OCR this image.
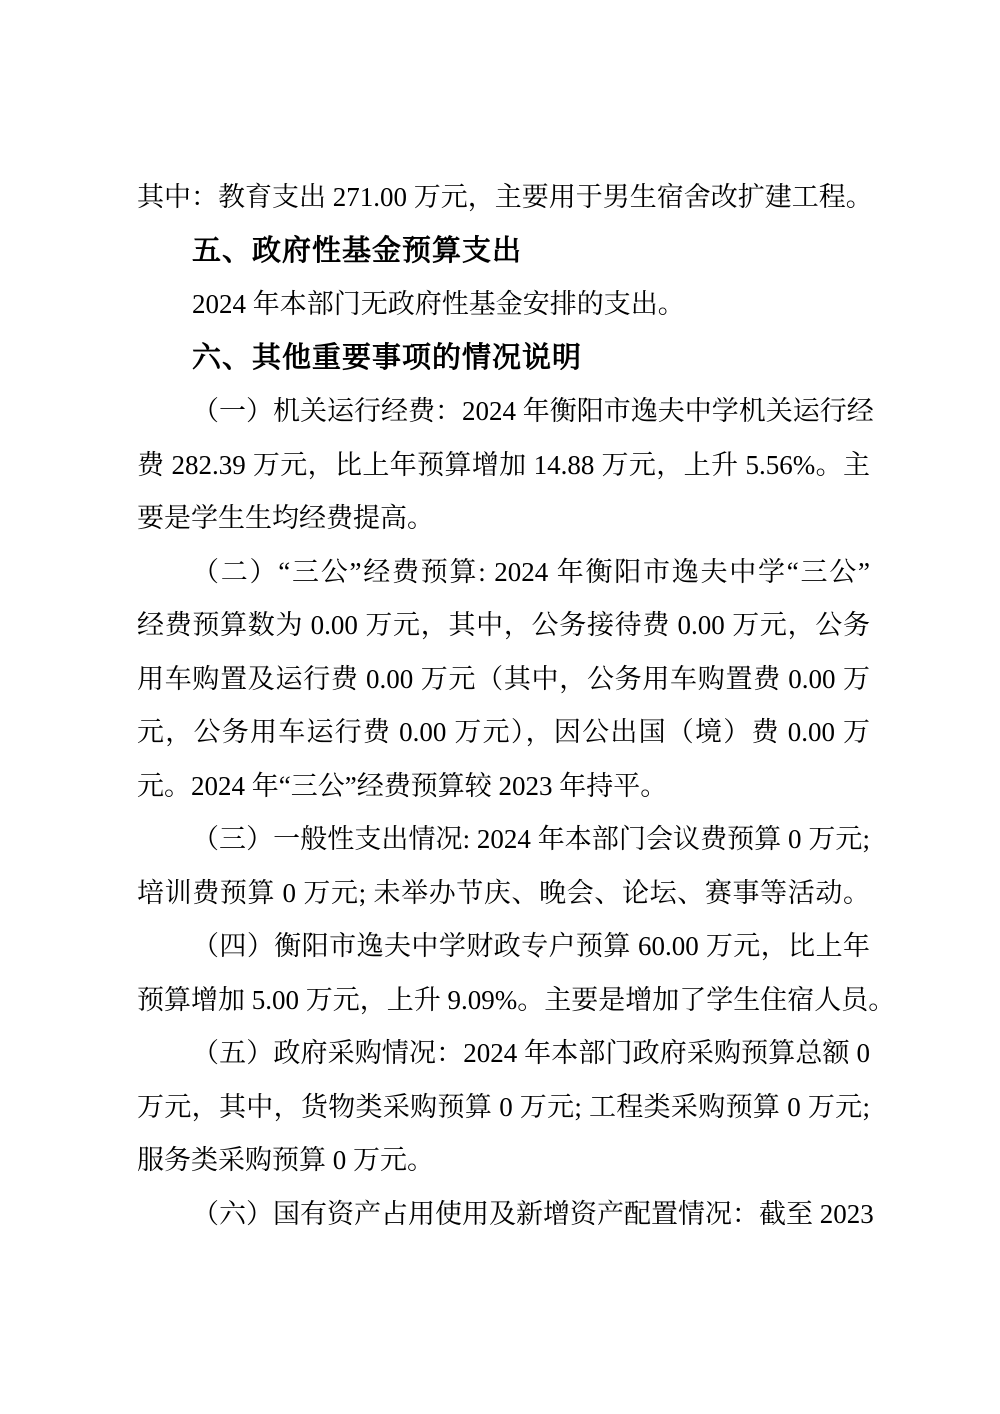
其中：教育支出 271.00 万元，主要用于男生宿舍改扩建工程。
五、政府性基金预算支出
2024 年本部门无政府性基金安排的支出。
六、其他重要事项的情况说明
（一）机关运行经费：2024 年衡阳市逸夫中学机关运行经
费 282.39 万元，比上年预算增加 14.88 万元，上升 5.56%。主
要是学生生均经费提高。
（二）“三公”经费预算: 2024 年衡阳市逸夫中学“三公”
经费预算数为 0.00 万元，其中，公务接待费 0.00 万元，公务
用车购置及运行费 0.00 万元（其中，公务用车购置费 0.00 万
元，公务用车运行费 0.00 万元），因公出国（境）费 0.00 万
元。2024 年“三公”经费预算较 2023 年持平。
（三）一般性支出情况: 2024 年本部门会议费预算 0 万元;
培训费预算 0 万元; 未举办节庆、晚会、论坛、赛事等活动。
（四）衡阳市逸夫中学财政专户预算 60.00 万元，比上年
预算增加 5.00 万元，上升 9.09%。主要是增加了学生住宿人员。
（五）政府采购情况：2024 年本部门政府采购预算总额 0
万元，其中，货物类采购预算 0 万元; 工程类采购预算 0 万元;
服务类采购预算 0 万元。
（六）国有资产占用使用及新增资产配置情况：截至 2023
